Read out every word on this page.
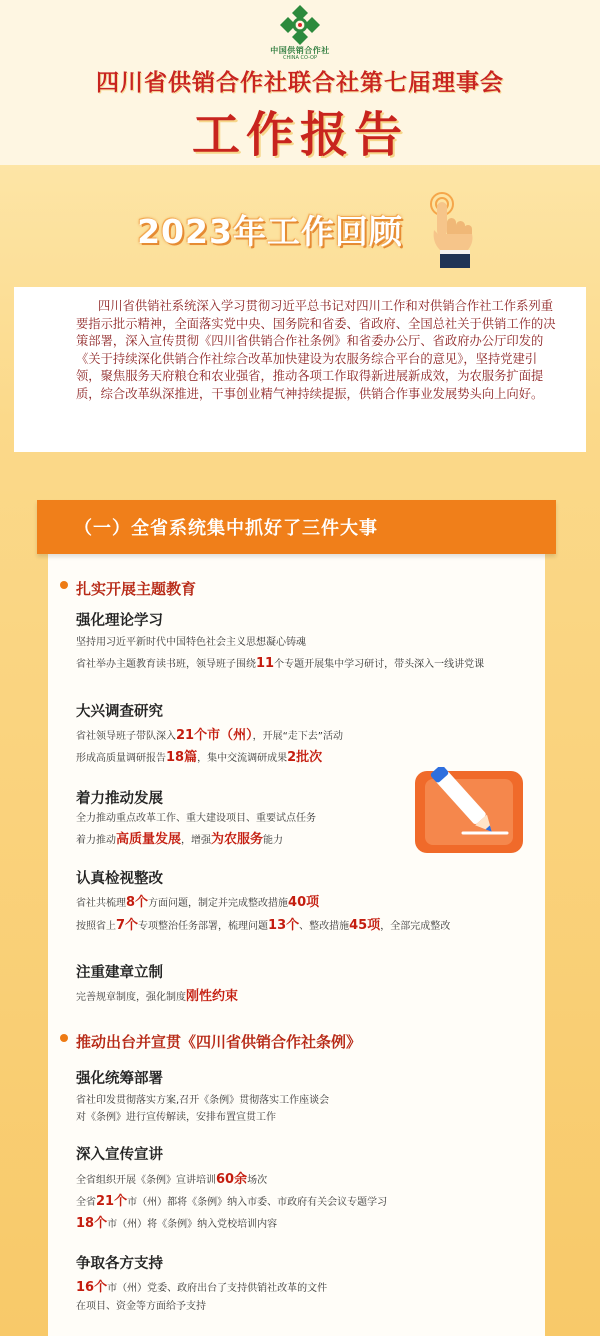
中国供销合作社
CHINA CO-OP
四川省供销合作社联合社第七届理事会
工作报告
2023年工作回顾
四川省供销社系统深入学习贯彻习近平总书记对四川工作和对供销合作社工作系列重要指示批示精神，全面落实党中央、国务院和省委、省政府、全国总社关于供销工作的决策部署，深入宣传贯彻《四川省供销合作社条例》和省委办公厅、省政府办公厅印发的《关于持续深化供销合作社综合改革加快建设为农服务综合平台的意见》，坚持党建引领，聚焦服务天府粮仓和农业强省，推动各项工作取得新进展新成效，为农服务扩面提质，综合改革纵深推进，干事创业精气神持续提振，供销合作事业发展势头向上向好。
（一）全省系统集中抓好了三件大事
扎实开展主题教育
强化理论学习
坚持用习近平新时代中国特色社会主义思想凝心铸魂
省社举办主题教育读书班，领导班子围绕11个专题开展集中学习研讨，带头深入一线讲党课
大兴调查研究
省社领导班子带队深入21个市（州），开展“走下去”活动
形成高质量调研报告18篇，集中交流调研成果2批次
着力推动发展
全力推动重点改革工作、重大建设项目、重要试点任务
着力推动高质量发展，增强为农服务能力
认真检视整改
省社共梳理8个方面问题，制定并完成整改措施40项
按照省上7个专项整治任务部署，梳理问题13个、整改措施45项，全部完成整改
注重建章立制
完善规章制度，强化制度刚性约束
推动出台并宣贯《四川省供销合作社条例》
强化统筹部署
省社印发贯彻落实方案,召开《条例》贯彻落实工作座谈会
对《条例》进行宣传解读，安排布置宣贯工作
深入宣传宣讲
全省组织开展《条例》宣讲培训60余场次
全省21个市（州）都将《条例》纳入市委、市政府有关会议专题学习
18个市（州）将《条例》纳入党校培训内容
争取各方支持
16个市（州）党委、政府出台了支持供销社改革的文件
在项目、资金等方面给予支持
